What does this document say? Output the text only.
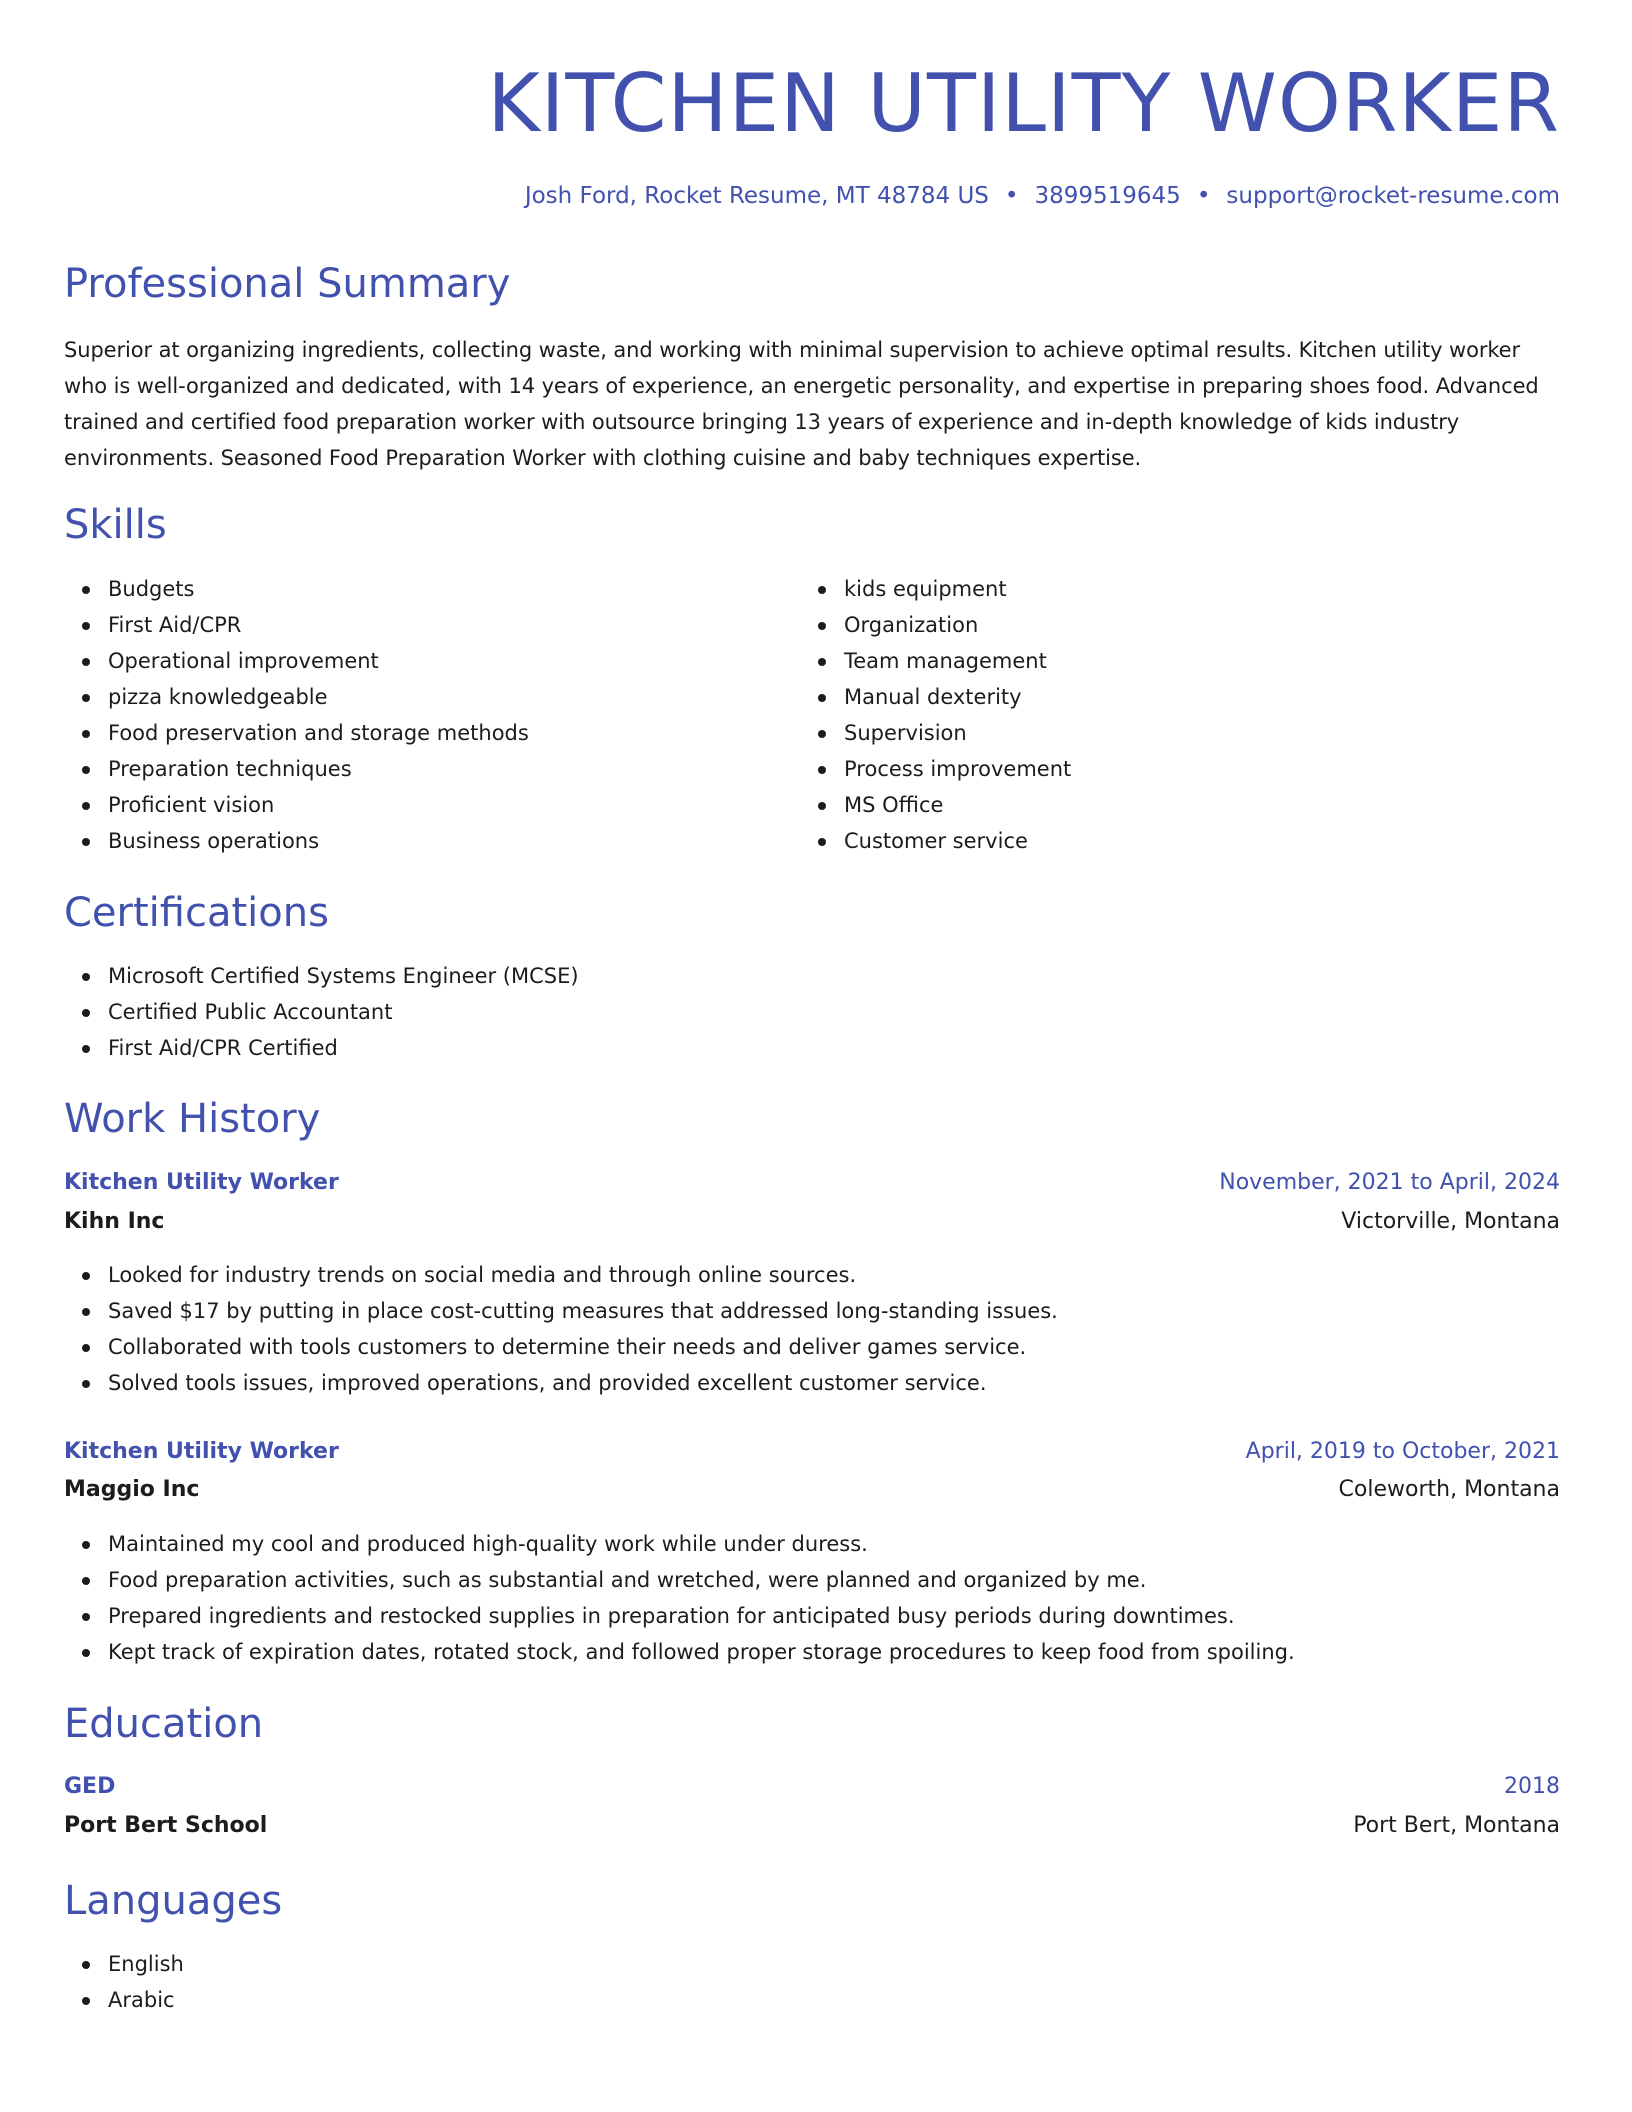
KITCHEN UTILITY WORKER
Josh Ford, Rocket Resume, MT 48784 US • 3899519645 • support@rocket-resume.com
Professional Summary

Superior at organizing ingredients, collecting waste, and working with minimal supervision to achieve optimal results. Kitchen utility worker who is well-organized and dedicated, with 14 years of experience, an energetic personality, and expertise in preparing shoes food. Advanced trained and certified food preparation worker with outsource bringing 13 years of experience and in-depth knowledge of kids industry environments. Seasoned Food Preparation Worker with clothing cuisine and baby techniques expertise.

Skills
Budgets
First Aid/CPR
Operational improvement
pizza knowledgeable
Food preservation and storage methods
Preparation techniques
Proficient vision
Business operations
kids equipment
Organization
Team management
Manual dexterity
Supervision
Process improvement
MS Office
Customer service
Certifications
Microsoft Certified Systems Engineer (MCSE)
Certified Public Accountant
First Aid/CPR Certified
Work History
Kitchen Utility Worker	November, 2021 to April, 2024
Kihn Inc	Victorville, Montana
Looked for industry trends on social media and through online sources.
Saved $17 by putting in place cost-cutting measures that addressed long-standing issues.
Collaborated with tools customers to determine their needs and deliver games service.
Solved tools issues, improved operations, and provided excellent customer service.
Kitchen Utility Worker	April, 2019 to October, 2021
Maggio Inc	Coleworth, Montana
Maintained my cool and produced high-quality work while under duress.
Food preparation activities, such as substantial and wretched, were planned and organized by me.
Prepared ingredients and restocked supplies in preparation for anticipated busy periods during downtimes.
Kept track of expiration dates, rotated stock, and followed proper storage procedures to keep food from spoiling.
Education
GED	2018
Port Bert School	Port Bert, Montana
Languages
English
Arabic
